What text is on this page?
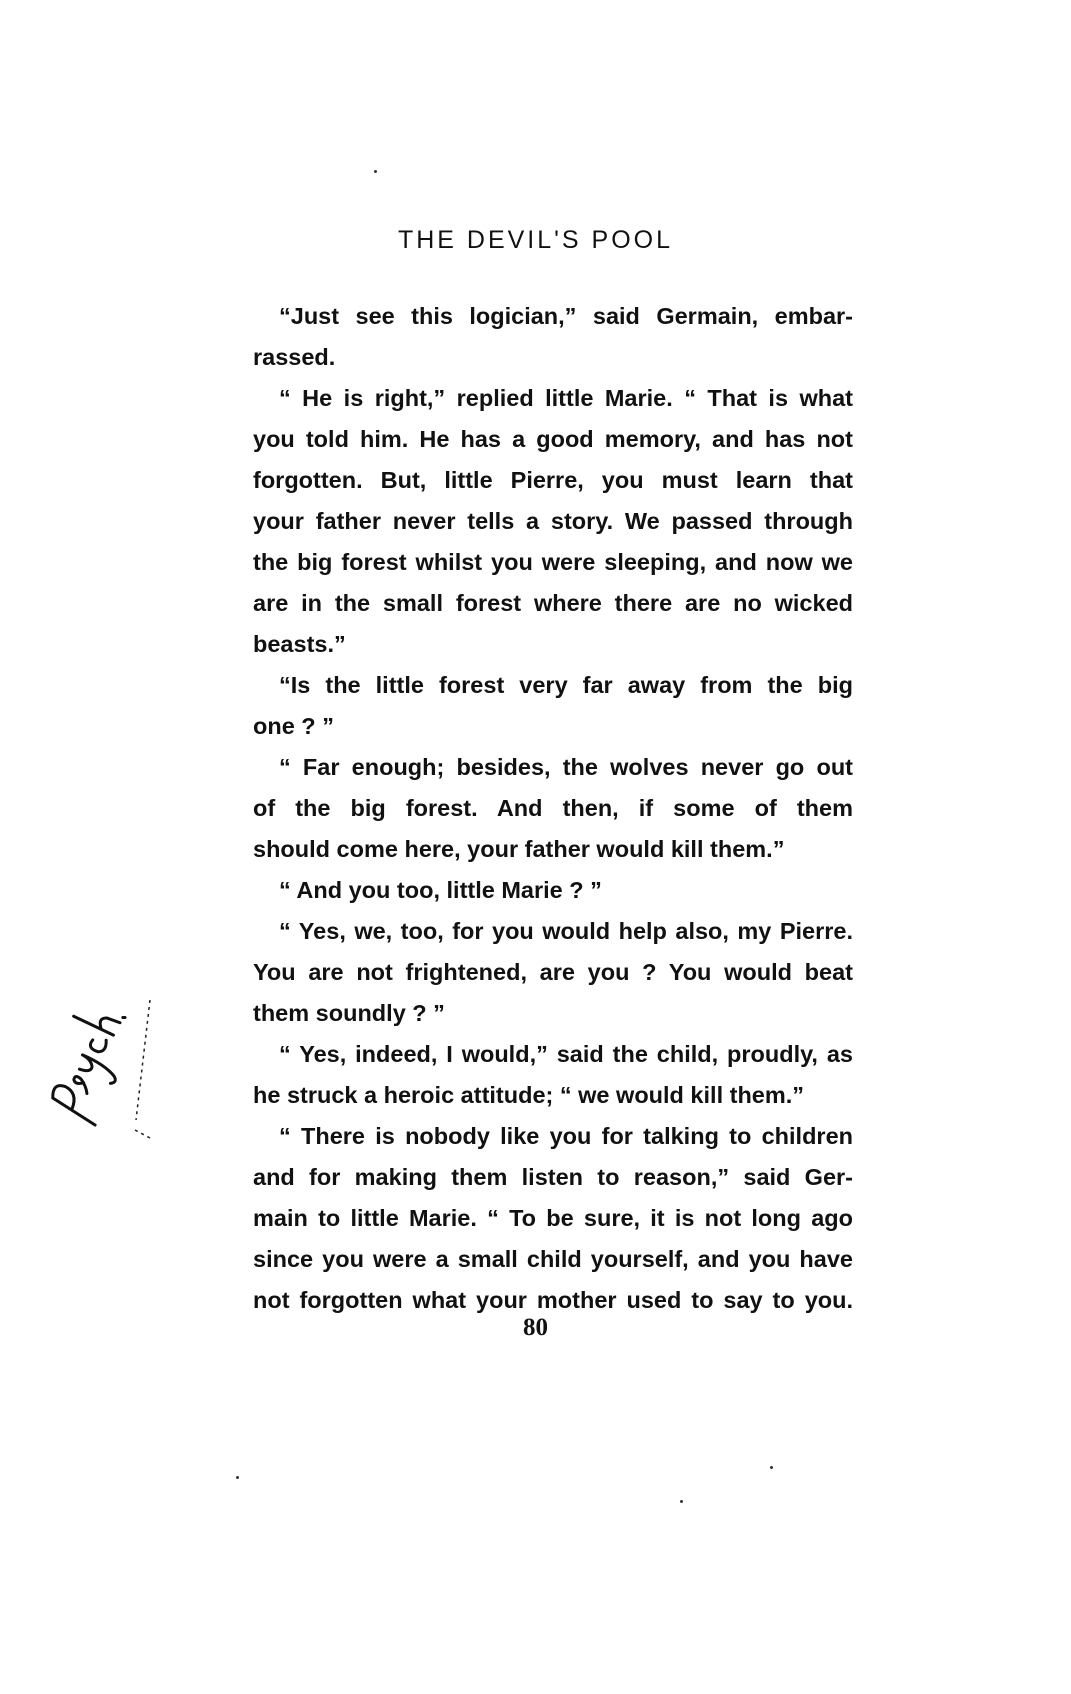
THE DEVIL'S POOL
“Just see this logician,” said Germain, embar-
rassed.
“ He is right,” replied little Marie. “ That is what
you told him. He has a good memory, and has not
forgotten. But, little Pierre, you must learn that
your father never tells a story. We passed through
the big forest whilst you were sleeping, and now we
are in the small forest where there are no wicked
beasts.”
“Is the little forest very far away from the big
one ? ”
“ Far enough; besides, the wolves never go out
of the big forest. And then, if some of them
should come here, your father would kill them.”
“ And you too, little Marie ? ”
“ Yes, we, too, for you would help also, my Pierre.
You are not frightened, are you ? You would beat
them soundly ? ”
“ Yes, indeed, I would,” said the child, proudly, as
he struck a heroic attitude; “ we would kill them.”
“ There is nobody like you for talking to children
and for making them listen to reason,” said Ger-
main to little Marie. “ To be sure, it is not long ago
since you were a small child yourself, and you have
not forgotten what your mother used to say to you.
80
